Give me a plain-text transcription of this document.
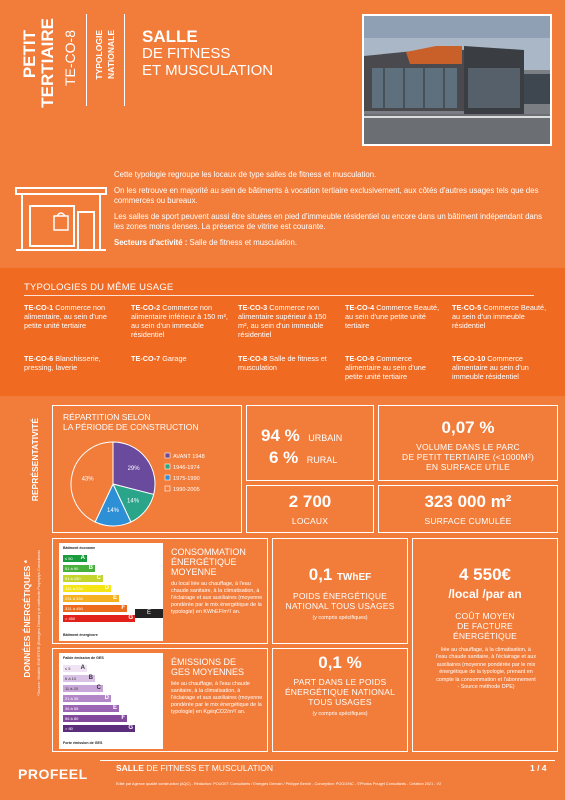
PETIT TERTIAIRE TE-CO-8 TYPOLOGIE NATIONALE SALLE
DE FITNESS
ET MUSCULATION

Cette typologie regroupe les locaux de type salles de fitness et musculation.

On les retrouve en majorité au sein de bâtiments à vocation tertiaire exclusivement, aux côtés d'autres usages tels que des commerces ou bureaux.

Les salles de sport peuvent aussi être situées en pied d'immeuble résidentiel ou encore dans un bâtiment indépendant dans les zones moins denses. La présence de vitrine est courante.

Secteurs d'activité : Salle de fitness et musculation.

TYPOLOGIES DU MÊME USAGE
TE-CO-1 Commerce non alimentaire, au sein d'une petite unité tertiaire
TE-CO-2 Commerce non alimentaire inférieur à 150 m², au sein d'un immeuble résidentiel
TE-CO-3 Commerce non alimentaire supérieur à 150 m², au sein d'un immeuble résidentiel
TE-CO-4 Commerce Beauté, au sein d'une petite unité tertiaire
TE-CO-5 Commerce Beauté, au sein d'un immeuble résidentiel
TE-CO-6 Blanchisserie, pressing, laverie
TE-CO-7 Garage	TE-CO-8 Salle de fitness et musculation
TE-CO-9 Commerce alimentaire au sein d'une petite unité tertiaire
TE-CO-10 Commerce alimentaire au sein d'un immeuble résidentiel
REPRÉSENTATIVITÉ
RÉPARTITION SELON
LA PÉRIODE DE CONSTRUCTION
29%
14%
14%
43%
AVANT 1948
1946-1974
1975-1990
1990-2005
94 % URBAIN
6 % RURAL
0,07 %
VOLUME DANS LE PARC
DE PETIT TERTIAIRE (<1000M²)
EN SURFACE UTILE
2 700
LOCAUX
323 000 m²
SURFACE CUMULÉE
DONNÉES ÉNERGÉTIQUES * *Source: Modèle ENERTER (Energies Demain) et méthode Prophylys Consultants
Bâtiment économe
≤ 50 A
51 à 90 B
91 à 150	C
151 à 230	D
231 à 330	E
331 à 450	F
> 450	G
E
Bâtiment énergivore
CONSOMMATION
ÉNERGÉTIQUE
MOYENNE
du local liée au chauffage, à l'eau chaude sanitaire, à la climatisation, à l'éclairage et aux auxiliaires (moyenne pondérée par le mix énergétique de la typologie) en KWhEF/m²/ an.
Faible émission de GES
≤ 5 A
6 à 10 B
11 à 20	C
21 à 35	D
36 à 55	E
56 à 80	F
> 80	G
Forte émission de GES
ÉMISSIONS DE
GES MOYENNES
liée au chauffage, à l'eau chaude sanitaire, à la climatisation, à l'éclairage et aux auxiliaires (moyenne pondérée par le mix énergétique de la typologie) en KgéqCO2/m²/ an.
0,1 TWhEF
POIDS ÉNERGÉTIQUE
NATIONAL TOUS USAGES
(y compris spécifiques)
0,1 %
PART DANS LE POIDS
ÉNERGÉTIQUE NATIONAL
TOUS USAGES
(y compris spécifiques)
4 550€
/local /par an
COÛT MOYEN
DE FACTURE
ÉNERGÉTIQUE
liée au chauffage, à la climatisation, à l'eau chaude sanitaire, à l'éclairage et aux auxiliaires (moyenne pondérée par le mix énergétique de la typologie, prenant en compte la consommation et l'abonnement - Source méthode DPE)
PROFEEL	SALLE DE FITNESS ET MUSCULATION	1 / 4
Édité par Agence qualité construction (AQC) - Rédaction: POUGET Consultants / Energies Demain / Philippe Bernié - Conception: POGO/NC - ©Photos Pouget Consultants - Création 2021 - V2
